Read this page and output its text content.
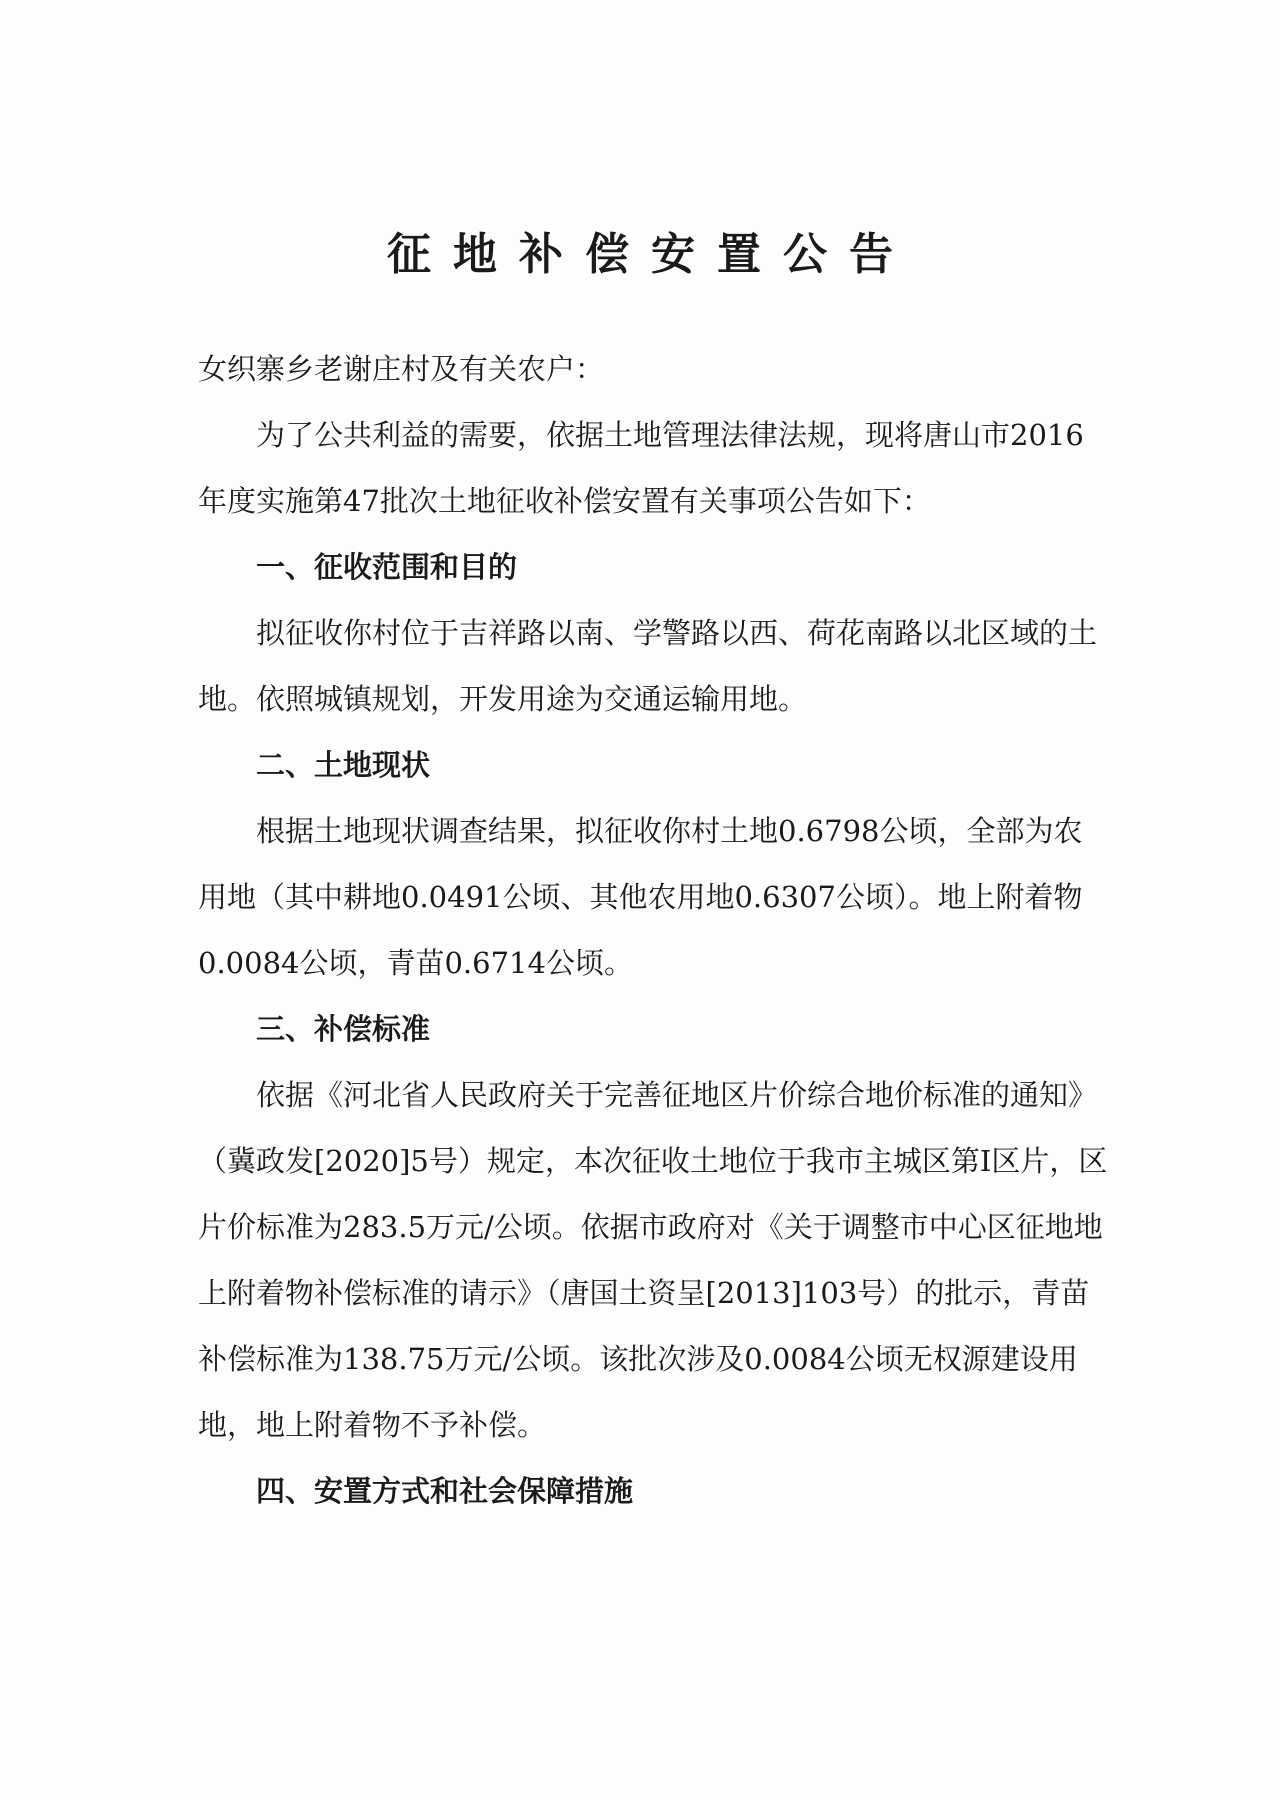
征地补偿安置公告

女织寨乡老谢庄村及有关农户：

为了公共利益的需要，依据土地管理法律法规，现将唐山市2016年度实施第47批次土地征收补偿安置有关事项公告如下：

一、征收范围和目的

拟征收你村位于吉祥路以南、学警路以西、荷花南路以北区域的土地。依照城镇规划，开发用途为交通运输用地。

二、土地现状

根据土地现状调查结果，拟征收你村土地0.6798公顷，全部为农用地（其中耕地0.0491公顷、其他农用地0.6307公顷）。地上附着物0.0084公顷，青苗0.6714公顷。

三、补偿标准

依据《河北省人民政府关于完善征地区片价综合地价标准的通知》（冀政发[2020]5号）规定，本次征收土地位于我市主城区第I区片，区片价标准为283.5万元/公顷。依据市政府对《关于调整市中心区征地地上附着物补偿标准的请示》（唐国土资呈[2013]103号）的批示，青苗补偿标准为138.75万元/公顷。该批次涉及0.0084公顷无权源建设用地，地上附着物不予补偿。

四、安置方式和社会保障措施
